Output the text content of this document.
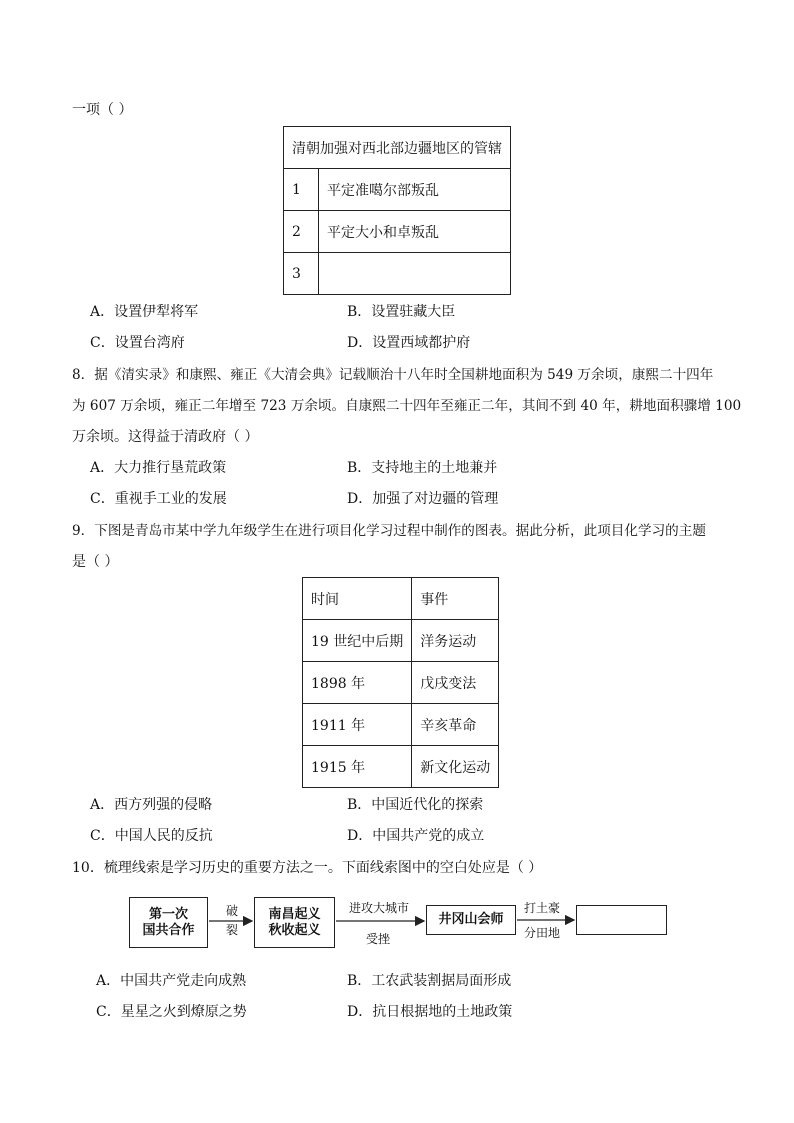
一项（ ）
清朝加强对西北部边疆地区的管辖	
1	平定准噶尔部叛乱
2	平定大小和卓叛乱
3	
A．设置伊犁将军	B．设置驻藏大臣
C．设置台湾府	D．设置西域都护府
8．据《清实录》和康熙、雍正《大清会典》记载顺治十八年时全国耕地面积为 549 万余顷，康熙二十四年
为 607 万余顷，雍正二年增至 723 万余顷。自康熙二十四年至雍正二年，其间不到 40 年，耕地面积骤增 100
万余顷。这得益于清政府（ ）
A．大力推行垦荒政策	B．支持地主的土地兼并
C．重视手工业的发展	D．加强了对边疆的管理
9．下图是青岛市某中学九年级学生在进行项目化学习过程中制作的图表。据此分析，此项目化学习的主题
是（ ）
时间	事件
19 世纪中后期	洋务运动
1898 年	戊戌变法
1911 年	辛亥革命
1915 年	新文化运动
A．西方列强的侵略	B．中国近代化的探索
C．中国人民的反抗	D．中国共产党的成立
10．梳理线索是学习历史的重要方法之一。下面线索图中的空白处应是（ ）
第一次
国共合作
南昌起义
秋收起义
井冈山会师
破
裂
进攻大城市
受挫
打土豪
分田地
A．中国共产党走向成熟	B．工农武装割据局面形成
C．星星之火到燎原之势	D．抗日根据地的土地政策
